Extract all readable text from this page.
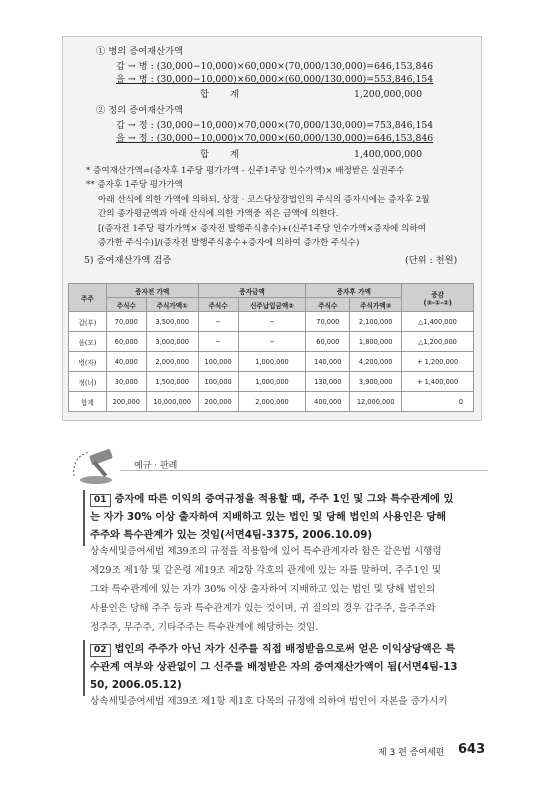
① 병의 증여재산가액
갑 → 병 : (30,000−10,000)×60,000×(70,000/130,000)=646,153,846
을 → 병 : (30,000−10,000)×60,000×(60,000/130,000)=553,846,154
합 계	1,200,000,000
② 정의 증여재산가액
갑 → 정 : (30,000−10,000)×70,000×(70,000/130,000)=753,846,154
을 → 정 : (30,000−10,000)×70,000×(60,000/130,000)=646,153,846
합 계	1,400,000,000
* 증여재산가액=(증자후 1주당 평가가액 - 신주1주당 인수가액)× 배정받은 실권주수
** 증자후 1주당 평가가액
아래 산식에 의한 가액에 의하되, 상장 · 코스닥상장법인의 주식의 증자시에는 증자후 2월
간의 종가평균액과 아래 산식에 의한 가액중 적은 금액에 의한다.
[(증자전 1주당 평가가액× 증자전 발행주식총수)+(신주1주당 인수가액×증자에 의하여
증가한 주식수)]/(증자전 발행주식총수+증자에 의하여 증가한 주식수)
5) 증여재산가액 검증	(단위 : 천원)
주주	증자전 가액		증자금액		증자후 가액		증감
(③-①-②)
	주식수	주식가액①	주식수	신주납입금액②	주식수	주식가액③	
갑(부)	70,000	3,500,000	−	−	70,000	2,100,000	△1,400,000
을(모)	60,000	3,000,000	−	−	60,000	1,800,000	△1,200,000
병(자)	40,000	2,000,000	100,000	1,000,000	140,000	4,200,000	+ 1,200,000
정(녀)	30,000	1,500,000	100,000	1,000,000	130,000	3,900,000	+ 1,400,000
합계	200,000	10,000,000	200,000	2,000,000	400,000	12,000,000	0
예규 · 판례
01 증자에 따른 이익의 증여규정을 적용할 때, 주주 1인 및 그와 특수관계에 있
는 자가 30% 이상 출자하여 지배하고 있는 법인 및 당해 법인의 사용인은 당해
주주와 특수관계가 있는 것임(서면4팀-3375, 2006.10.09)
상속세및증여세법 제39조의 규정을 적용함에 있어 특수관계자라 함은 같은법 시행령
제29조 제1항 및 같은령 제19조 제2항 각호의 관계에 있는 자를 말하며, 주주1인 및
그와 특수관계에 있는 자가 30% 이상 출자하여 지배하고 있는 법인 및 당해 법인의
사용인은 당해 주주 등과 특수관계가 있는 것이며, 귀 질의의 경우 갑주주, 을주주와
정주주, 무주주, 기타주주는 특수관계에 해당하는 것임.
02 법인의 주주가 아닌 자가 신주를 직접 배정받음으로써 얻은 이익상당액은 특
수관계 여부와 상관없이 그 신주를 배정받은 자의 증여재산가액이 됨(서면4팀-13
50, 2006.05.12)
상속세및증여세법 제39조 제1항 제1호 다목의 규정에 의하여 법인이 자본을 증가시키
제 3 편 증여세편 643
